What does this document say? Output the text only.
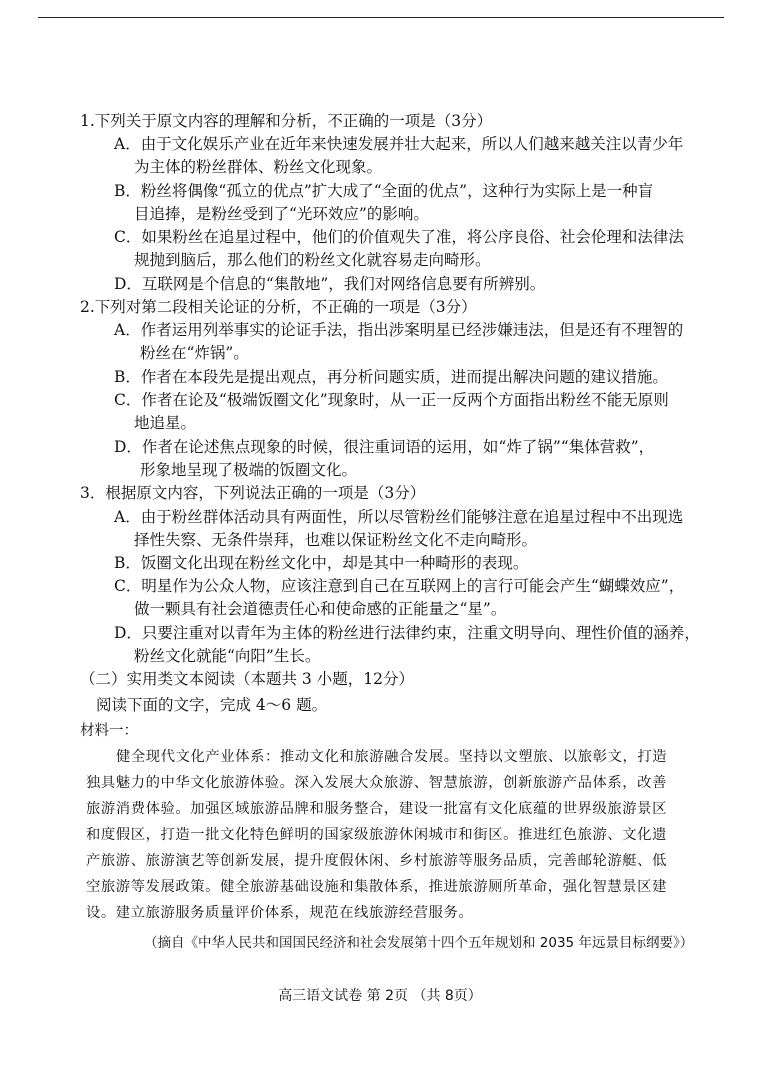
1.下列关于原文内容的理解和分析，不正确的一项是（3分）
A．由于文化娱乐产业在近年来快速发展并壮大起来，所以人们越来越关注以青少年
为主体的粉丝群体、粉丝文化现象。
B．粉丝将偶像“孤立的优点”扩大成了“全面的优点”，这种行为实际上是一种盲
目追捧，是粉丝受到了“光环效应”的影响。
C．如果粉丝在追星过程中，他们的价值观失了准，将公序良俗、社会伦理和法律法
规抛到脑后，那么他们的粉丝文化就容易走向畸形。
D．互联网是个信息的“集散地”，我们对网络信息要有所辨别。
2.下列对第二段相关论证的分析，不正确的一项是（3分）
A．作者运用列举事实的论证手法，指出涉案明星已经涉嫌违法，但是还有不理智的
粉丝在“炸锅”。
B．作者在本段先是提出观点，再分析问题实质，进而提出解决问题的建议措施。
C．作者在论及“极端饭圈文化”现象时，从一正一反两个方面指出粉丝不能无原则
地追星。
D．作者在论述焦点现象的时候，很注重词语的运用，如“炸了锅”“集体营救”，
形象地呈现了极端的饭圈文化。
3．根据原文内容，下列说法正确的一项是（3分）
A．由于粉丝群体活动具有两面性，所以尽管粉丝们能够注意在追星过程中不出现选
择性失察、无条件崇拜，也难以保证粉丝文化不走向畸形。
B．饭圈文化出现在粉丝文化中，却是其中一种畸形的表现。
C．明星作为公众人物，应该注意到自己在互联网上的言行可能会产生“蝴蝶效应”，
做一颗具有社会道德责任心和使命感的正能量之“星”。
D．只要注重对以青年为主体的粉丝进行法律约束，注重文明导向、理性价值的涵养，
粉丝文化就能“向阳”生长。
（二）实用类文本阅读（本题共 3 小题，12分）
阅读下面的文字，完成 4～6 题。
材料一：
健全现代文化产业体系：推动文化和旅游融合发展。坚持以文塑旅、以旅彰文，打造
独具魅力的中华文化旅游体验。深入发展大众旅游、智慧旅游，创新旅游产品体系，改善
旅游消费体验。加强区域旅游品牌和服务整合，建设一批富有文化底蕴的世界级旅游景区
和度假区，打造一批文化特色鲜明的国家级旅游休闲城市和街区。推进红色旅游、文化遗
产旅游、旅游演艺等创新发展，提升度假休闲、乡村旅游等服务品质，完善邮轮游艇、低
空旅游等发展政策。健全旅游基础设施和集散体系，推进旅游厕所革命，强化智慧景区建
设。建立旅游服务质量评价体系，规范在线旅游经营服务。
（摘自《中华人民共和国国民经济和社会发展第十四个五年规划和 2035 年远景目标纲要》）
高三语文试卷 第 2页 （共 8页）
